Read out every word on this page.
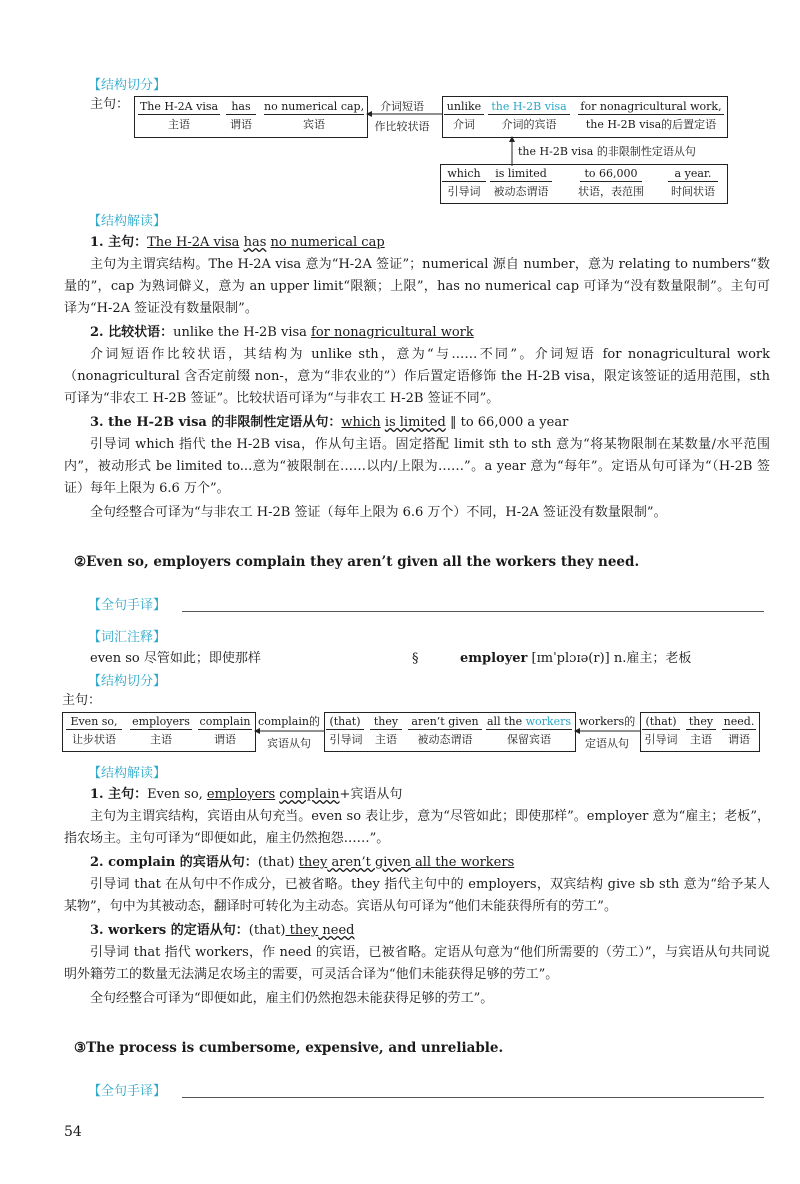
【结构切分】
主句： The H-2A visa
主语
has
谓语
no numerical cap,
宾语
介词短语
作比较状语
unlike
介词
the H-2B visa
介词的宾语
for nonagricultural work,
the H-2B visa的后置定语
the H-2B visa 的非限制性定语从句
which
引导词
is limited
被动态谓语
to 66,000
状语，表范围
a year.
时间状语
【结构解读】
1. 主句：The H-2A visa has no numerical cap
主句为主谓宾结构。The H-2A visa 意为“H-2A 签证”；numerical 源自 number，意为 relating to numbers“数量的”，cap 为熟词僻义，意为 an upper limit“限额；上限”，has no numerical cap 可译为“没有数量限制”。主句可译为“H-2A 签证没有数量限制”。
2. 比较状语：unlike the H-2B visa for nonagricultural work
介词短语作比较状语，其结构为 unlike sth，意为“与……不同”。介词短语 for nonagricultural work（nonagricultural 含否定前缀 non-，意为“非农业的”）作后置定语修饰 the H-2B visa，限定该签证的适用范围，sth 可译为“非农工 H-2B 签证”。比较状语可译为“与非农工 H-2B 签证不同”。
3. the H-2B visa 的非限制性定语从句：which is limited ‖ to 66,000 a year
引导词 which 指代 the H-2B visa，作从句主语。固定搭配 limit sth to sth 意为“将某物限制在某数量/水平范围内”，被动形式 be limited to...意为“被限制在……以内/上限为……”。a year 意为“每年”。定语从句可译为“（H-2B 签证）每年上限为 6.6 万个”。
全句经整合可译为“与非农工 H-2B 签证（每年上限为 6.6 万个）不同，H-2A 签证没有数量限制”。
②Even so, employers complain they aren’t given all the workers they need.
【全句手译】
【词汇注释】
even so 尽管如此；即使那样	§	employer [ɪmˈplɔɪə(r)] n.雇主；老板
【结构切分】
主句：
Even so,
让步状语
employers
主语
complain
谓语
complain的
宾语从句
(that)
引导词
they
主语
aren’t given
被动态谓语
all the workers
保留宾语
workers的
定语从句
(that)
引导词
they
主语
need.
谓语
【结构解读】
1. 主句：Even so, employers complain+宾语从句
主句为主谓宾结构，宾语由从句充当。even so 表让步，意为“尽管如此；即使那样”。employer 意为“雇主；老板”，指农场主。主句可译为“即便如此，雇主仍然抱怨……”。
2. complain 的宾语从句：(that) they aren’t given all the workers
引导词 that 在从句中不作成分，已被省略。they 指代主句中的 employers，双宾结构 give sb sth 意为“给予某人某物”，句中为其被动态，翻译时可转化为主动态。宾语从句可译为“他们未能获得所有的劳工”。
3. workers 的定语从句：(that) they need
引导词 that 指代 workers，作 need 的宾语，已被省略。定语从句意为“他们所需要的（劳工）”，与宾语从句共同说明外籍劳工的数量无法满足农场主的需要，可灵活合译为“他们未能获得足够的劳工”。
全句经整合可译为“即便如此，雇主们仍然抱怨未能获得足够的劳工”。
③The process is cumbersome, expensive, and unreliable.
【全句手译】
54
